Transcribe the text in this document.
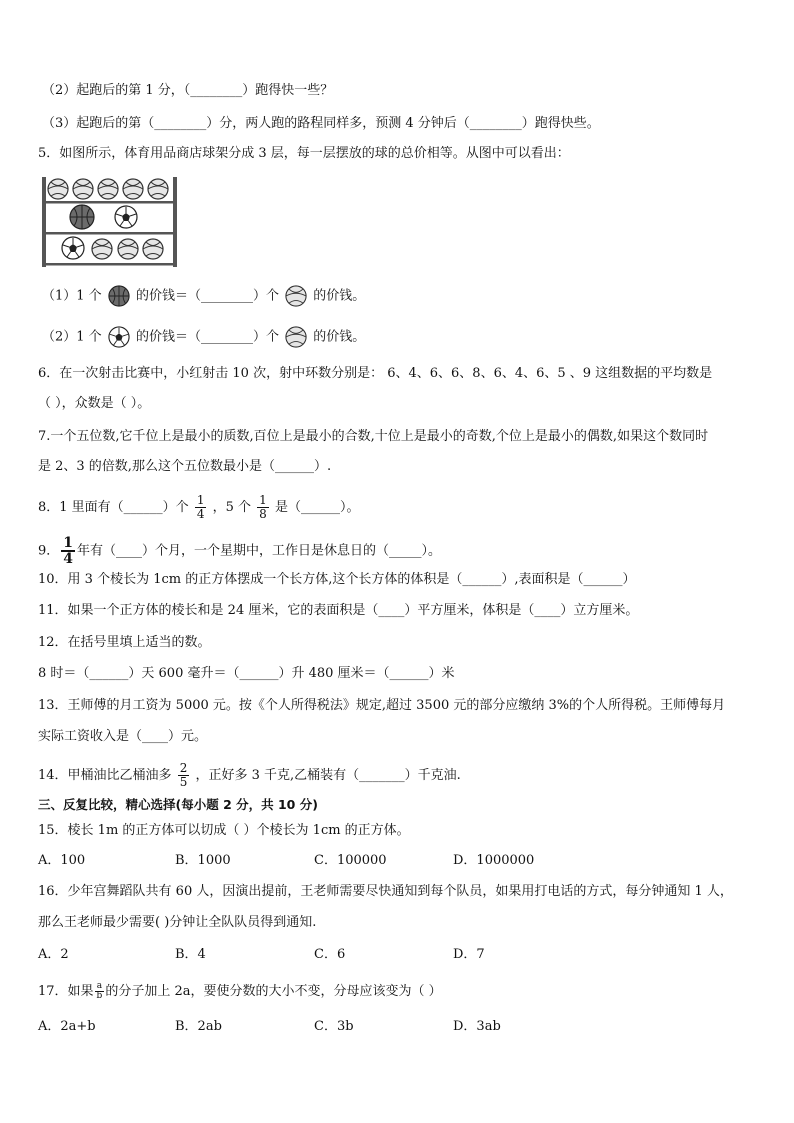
（2）起跑后的第 1 分，（________）跑得快一些？
（3）起跑后的第（________）分，两人跑的路程同样多，预测 4 分钟后（________）跑得快些。
5．如图所示，体育用品商店球架分成 3 层，每一层摆放的球的总价相等。从图中可以看出：
（1）1 个	的价钱＝（________）个	的价钱。
（2）1 个	的价钱＝（________）个	的价钱。
6．在一次射击比赛中，小红射击 10 次，射中环数分别是： 6、4、6、6、8、6、4、6、5 、9 这组数据的平均数是
（ ），众数是（ ）。
7.一个五位数,它千位上是最小的质数,百位上是最小的合数,十位上是最小的奇数,个位上是最小的偶数,如果这个数同时
是 2、3 的倍数,那么这个五位数最小是（______）.
8．1 里面有（______）个 $\frac{1}{4}$ ，5 个 $\frac{1}{8}$ 是（______）。
9． $\frac{1}{4}$ 年有（____）个月，一个星期中，工作日是休息日的（_____）。
10．用 3 个棱长为 1cm 的正方体摆成一个长方体,这个长方体的体积是（______）,表面积是（______）
11．如果一个正方体的棱长和是 24 厘米，它的表面积是（____）平方厘米，体积是（____）立方厘米。
12．在括号里填上适当的数。
8 时＝（______）天 600 毫升＝（______）升 480 厘米＝（______）米
13．王师傅的月工资为 5000 元。按《个人所得税法》规定,超过 3500 元的部分应缴纳 3%的个人所得税。王师傅每月
实际工资收入是（____）元。
14．甲桶油比乙桶油多 $\frac{2}{5}$ ，正好多 3 千克,乙桶装有（_______）千克油.
三、反复比较，精心选择(每小题 2 分，共 10 分)
15．棱长 1m 的正方体可以切成（ ）个棱长为 1cm 的正方体。
A．100	B．1000	C．100000	D．1000000
16．少年宫舞蹈队共有 60 人，因演出提前，王老师需要尽快通知到每个队员，如果用打电话的方式，每分钟通知 1 人，
那么王老师最少需要( )分钟让全队队员得到通知.
A．2	B．4	C．6	D．7
17．如果 $\frac{a}{b}$ 的分子加上 2a，要使分数的大小不变，分母应该变为（ ）
A．2a+b	B．2ab	C．3b	D．3ab
